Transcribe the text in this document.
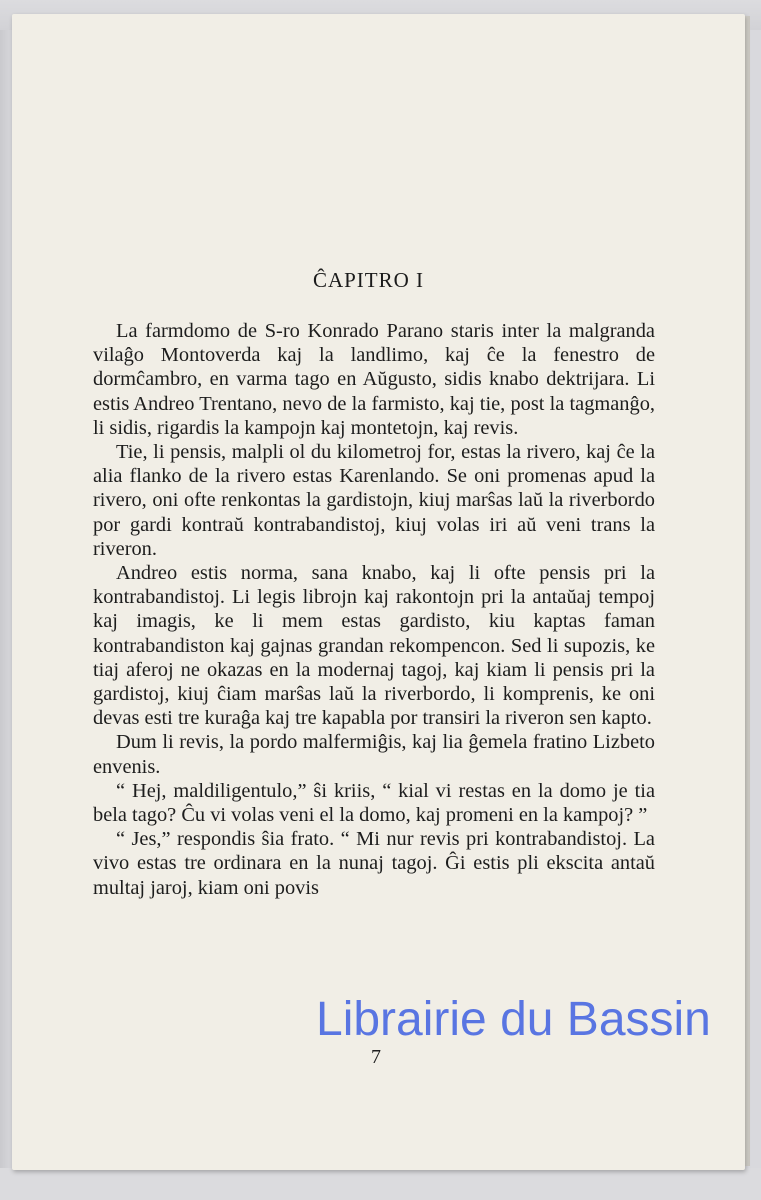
ĈAPITRO I

La farmdomo de S-ro Konrado Parano staris inter la malgranda vilaĝo Montoverda kaj la landlimo, kaj ĉe la fenestro de dormĉambro, en varma tago en Aŭgusto, sidis knabo dektrijara. Li estis Andreo Trentano, nevo de la farmisto, kaj tie, post la tagmanĝo, li sidis, rigardis la kampojn kaj montetojn, kaj revis.

Tie, li pensis, malpli ol du kilometroj for, estas la rivero, kaj ĉe la alia flanko de la rivero estas Karenlando. Se oni promenas apud la rivero, oni ofte renkontas la gardistojn, kiuj marŝas laŭ la riverbordo por gardi kontraŭ kontrabandistoj, kiuj volas iri aŭ veni trans la riveron.

Andreo estis norma, sana knabo, kaj li ofte pensis pri la kontrabandistoj. Li legis librojn kaj rakontojn pri la antaŭaj tempoj kaj imagis, ke li mem estas gardisto, kiu kaptas faman kontrabandiston kaj gajnas grandan rekompencon. Sed li supozis, ke tiaj aferoj ne okazas en la modernaj tagoj, kaj kiam li pensis pri la gardistoj, kiuj ĉiam marŝas laŭ la riverbordo, li komprenis, ke oni devas esti tre kuraĝa kaj tre kapabla por transiri la riveron sen kapto.

Dum li revis, la pordo malfermiĝis, kaj lia ĝemela fratino Lizbeto envenis.

“ Hej, maldiligentulo,” ŝi kriis, “ kial vi restas en la domo je tia bela tago? Ĉu vi volas veni el la domo, kaj promeni en la kampoj? ”

“ Jes,” respondis ŝia frato. “ Mi nur revis pri kontrabandistoj. La vivo estas tre ordinara en la nunaj tagoj. Ĝi estis pli ekscita antaŭ multaj jaroj, kiam oni povis

7
Librairie du Bassin
